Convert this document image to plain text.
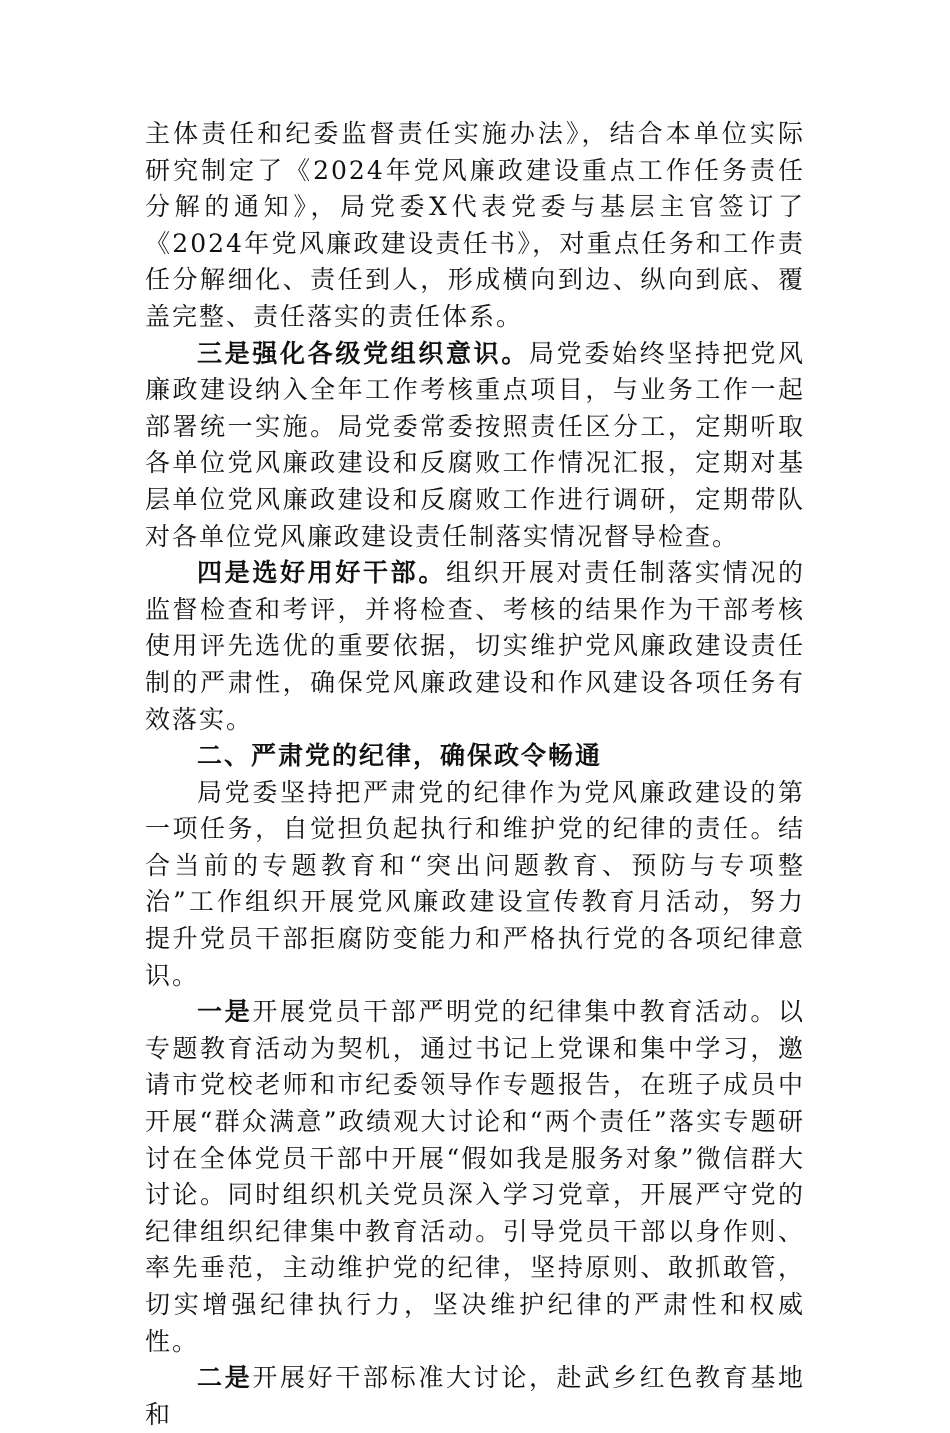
主体责任和纪委监督责任实施办法》，结合本单位实际研究制定了《2024年党风廉政建设重点工作任务责任分解的通知》，局党委X代表党委与基层主官签订了《2024年党风廉政建设责任书》，对重点任务和工作责任分解细化、责任到人，形成横向到边、纵向到底、覆盖完整、责任落实的责任体系。

三是强化各级党组织意识。局党委始终坚持把党风廉政建设纳入全年工作考核重点项目，与业务工作一起部署统一实施。局党委常委按照责任区分工，定期听取各单位党风廉政建设和反腐败工作情况汇报，定期对基层单位党风廉政建设和反腐败工作进行调研，定期带队对各单位党风廉政建设责任制落实情况督导检查。

四是选好用好干部。组织开展对责任制落实情况的监督检查和考评，并将检查、考核的结果作为干部考核使用评先选优的重要依据，切实维护党风廉政建设责任制的严肃性，确保党风廉政建设和作风建设各项任务有效落实。

二、严肃党的纪律，确保政令畅通

局党委坚持把严肃党的纪律作为党风廉政建设的第一项任务，自觉担负起执行和维护党的纪律的责任。结合当前的专题教育和“突出问题教育、预防与专项整治”工作组织开展党风廉政建设宣传教育月活动，努力提升党员干部拒腐防变能力和严格执行党的各项纪律意识。

一是开展党员干部严明党的纪律集中教育活动。以专题教育活动为契机，通过书记上党课和集中学习，邀请市党校老师和市纪委领导作专题报告，在班子成员中开展“群众满意”政绩观大讨论和“两个责任”落实专题研讨在全体党员干部中开展“假如我是服务对象”微信群大讨论。同时组织机关党员深入学习党章，开展严守党的纪律组织纪律集中教育活动。引导党员干部以身作则、率先垂范，主动维护党的纪律，坚持原则、敢抓敢管，切实增强纪律执行力，坚决维护纪律的严肃性和权威性。

二是开展好干部标准大讨论，赴武乡红色教育基地和
